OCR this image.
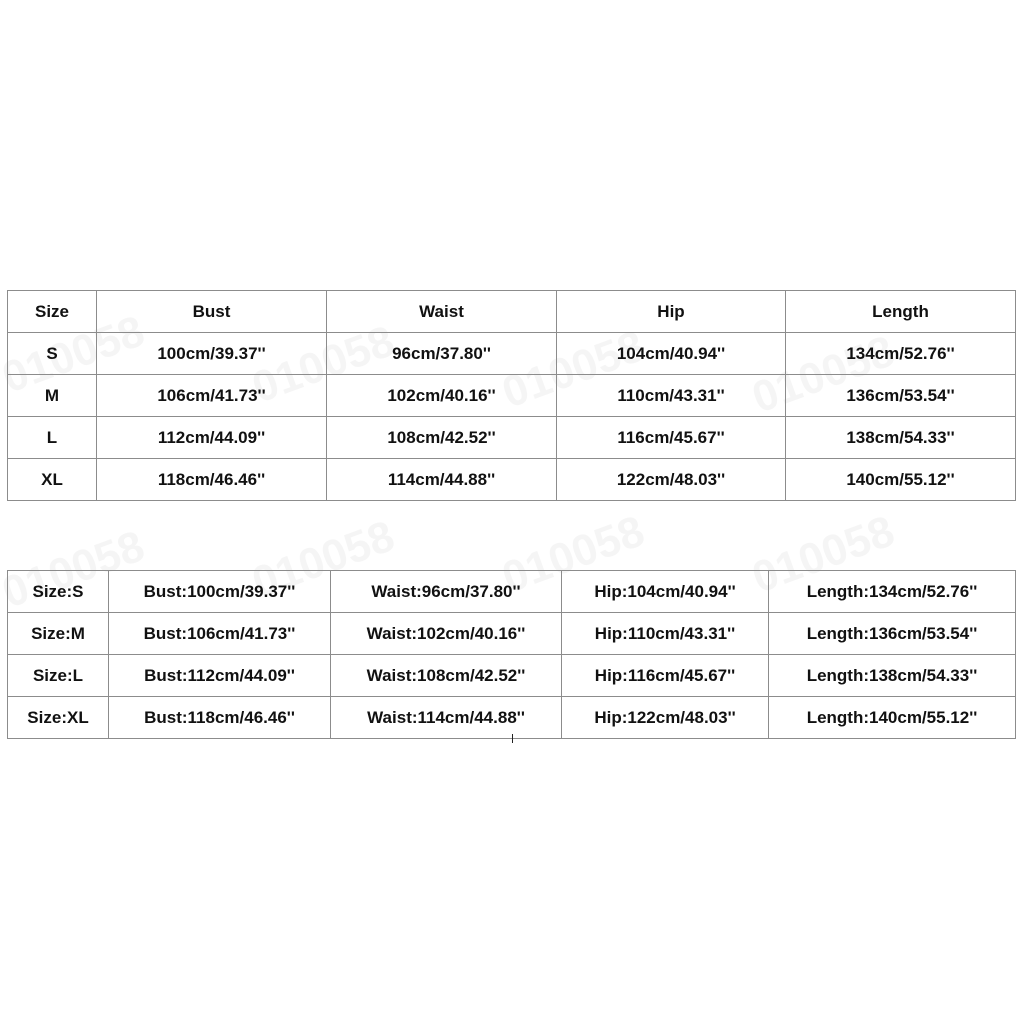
Size	Bust	Waist	Hip	Length
S	100cm/39.37''	96cm/37.80''	104cm/40.94''	134cm/52.76''
M	106cm/41.73''	102cm/40.16''	110cm/43.31''	136cm/53.54''
L	112cm/44.09''	108cm/42.52''	116cm/45.67''	138cm/54.33''
XL	118cm/46.46''	114cm/44.88''	122cm/48.03''	140cm/55.12''
Size:S	Bust:100cm/39.37''	Waist:96cm/37.80''	Hip:104cm/40.94''	Length:134cm/52.76''
Size:M	Bust:106cm/41.73''	Waist:102cm/40.16''	Hip:110cm/43.31''	Length:136cm/53.54''
Size:L	Bust:112cm/44.09''	Waist:108cm/42.52''	Hip:116cm/45.67''	Length:138cm/54.33''
Size:XL	Bust:118cm/46.46''	Waist:114cm/44.88''	Hip:122cm/48.03''	Length:140cm/55.12''
